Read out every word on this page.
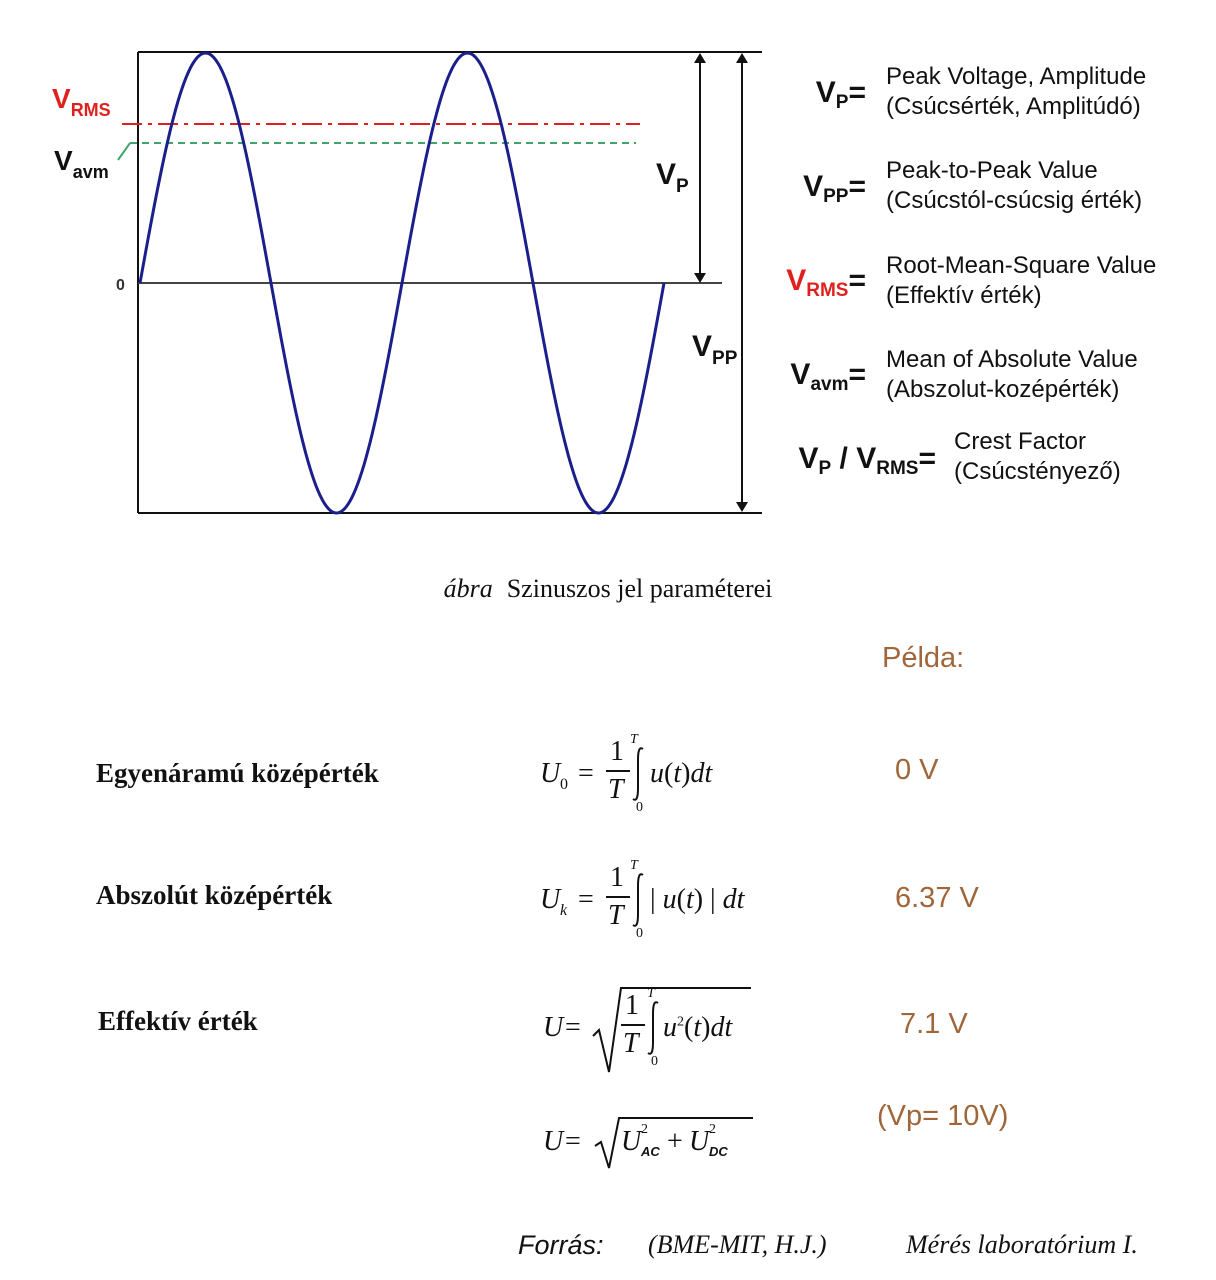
0
VRMS
Vavm	VP
VPP
$V_P=$ Peak Voltage, Amplitude
(Csúcsérték, Amplitúdó)
$V_{PP}=$ Peak-to-Peak Value
(Csúcstól-csúcsig érték)
$V_{RMS}=$ Root-Mean-Square Value
(Effektív érték)
$V_{avm}=$ Mean of Absolute Value
(Abszolut-kozépérték)
$V_P / V_{RMS}=$
Crest Factor
(Csúcstényező)
ábra Szinuszos jel paraméterei
Példa:
Egyenáramú középérték	U 0 =
1
T
T
0
u(t)dt	0 V
Abszolút középérték	U k =
1
T
T
0
| u(t) | dt	6.37 V
Effektív érték	U =
1
T
T
0
$u^2(t)dt$	7.1 V
U = U 2
AC + U 2
DC
(Vp= 10V)
Forrás: (BME-MIT, H.J.)	Mérés laboratórium I.
